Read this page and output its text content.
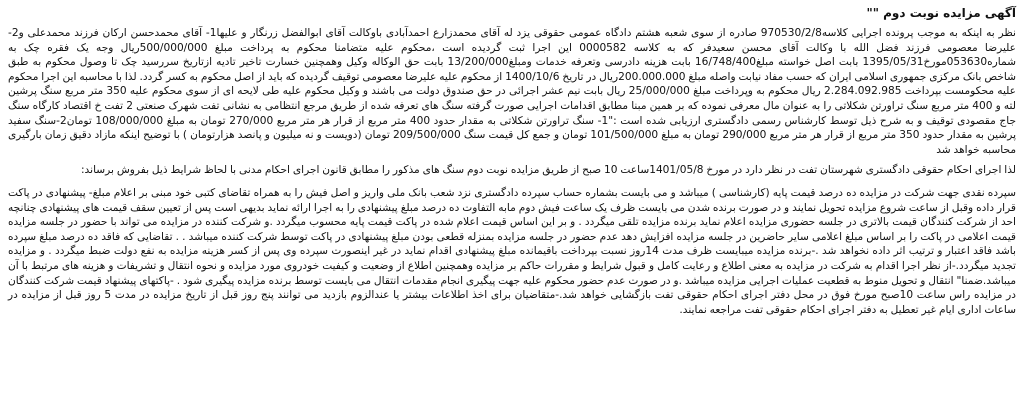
آگهی مزایده نوبت دوم ""

نظر به اینکه به موجب پرونده اجرایی کلاسه970530/2/8 صادره از سوی شعبه هشتم دادگاه عمومی حقوقی یزد له آقای محمدزارع احمدآبادی باوکالت آقای ابوالفضل زرنگار و علیها1- آقای محمدحسن ارکان فرزند محمدعلی و2- علیرضا معصومی فرزند فضل الله با وکالت آقای محسن سعیدفر که به کلاسه 0000582 این اجرا ثبت گردیده است ،محکوم علیه متضامنا محکوم به پرداخت مبلغ 500/000/000ریال وجه یک فقره چک به شماره053630مورخ1395/05/31 بابت اصل خواسته مبلغ16/748/400 بابت هزینه دادرسی وتعرفه خدمات ومبلغ13/200/000 بابت حق الوکاله وکیل وهمچنین خسارت تاخیر تادیه ازتاریخ سررسید چک تا وصول محکوم به طبق شاخص بانک مرکزی جمهوری اسلامی ایران که حسب مفاد نیابت واصله مبلغ 200.000.000ریال در تاریخ 1400/10/6 از محکوم علیه علیرضا معصومی توقیف گردیده که باید از اصل محکوم به کسر گردد. لذا با محاسبه این اجرا محکوم علیه محکومست بپرداخت 2.284.092.985 ریال محکوم به وپرداخت مبلغ 25/000/000 ریال بابت نیم عشر اجرائی در حق صندوق دولت می باشند و وکیل محکوم علیه طی لایحه ای از سوی محکوم علیه 350 متر مربع سنگ پرشین لته و 400 متر مربع سنگ تراورتن شکلاتی را به عنوان مال معرفی نموده که بر همین مبنا مطابق اقدامات اجرایی صورت گرفته سنگ های تعرفه شده از طریق مرجع انتظامی به نشانی تفت شهرک صنعتی 2 تفت خ اقتصاد کارگاه سنگ جاج مقصودی توقیف و به شرح ذیل توسط کارشناس رسمی دادگستری ارزیابی شده است :"1- سنگ تراورتن شکلاتی به مقدار حدود 400 متر مربع از قرار هر متر مربع 270/000 تومان به مبلغ 108/000/000 تومان2-سنگ سفید پرشین به مقدار حدود 350 متر مربع از قرار هر متر مربع 290/000 تومان به مبلغ 101/500/000 تومان و جمع کل قیمت سنگ 209/500/000 تومان (دویست و نه میلیون و پانصد هزارتومان ) با توضیح اینکه مازاد دقیق زمان بارگیری محاسبه خواهد شد

لذا اجرای احکام حقوقی دادگستری شهرستان تفت در نظر دارد در مورخ 1401/05/8ساعت 10 صبح از طریق مزایده نوبت دوم سنگ های مذکور را مطابق قانون اجرای احکام مدنی با لحاظ شرایط ذیل بفروش برساند:

سپرده نقدی جهت شرکت در مزایده ده درصد قیمت پایه (کارشناسی ) میباشد و می بایست بشماره حساب سپرده دادگستری نزد شعب بانک ملی واریز و اصل فیش را به همراه تقاضای کتبی خود مبنی بر اعلام مبلغ- پیشنهادی در پاکت قرار داده وقبل از ساعت شروع مزایده تحویل نمایند و در صورت برنده شدن می بایست ظرف یک ساعت فیش دوم مابه التفاوت ده درصد مبلغ پیشنهادی را به اجرا ارائه نماید بدیهی است پس از تعیین سقف قیمت های پیشنهادی چنانچه احد از شرکت کنندگان قیمت بالاتری در جلسه حضوری مزایده اعلام نماید برنده مزایده تلقی میگردد . و بر این اساس قیمت اعلام شده در پاکت قیمت پایه محسوب میگردد .و شرکت کننده در مزایده می تواند با حضور در جلسه مزایده قیمت اعلامی در پاکت را بر اساس مبلغ اعلامی سایر حاضرین در جلسه مزایده افزایش دهد عدم حضور در جلسه مزایده بمنزله قطعی بودن مبلغ پیشنهادی در پاکت توسط شرکت کننده میباشد . . تقاضایی که فاقد ده درصد مبلغ سپرده باشد فاقد اعتبار و ترتیب اثر داده نخواهد شد .-برنده مزایده میبایست ظرف مدت 14روز نسبت بپرداخت باقیمانده مبلغ پیشنهادی اقدام نماید در غیر اینصورت سپرده وی پس از کسر هزینه مزایده به نفع دولت ضبط میگردد . و مزایده تجدید میگردد.-از نظر اجرا اقدام به شرکت در مزایده به معنی اطلاع و رعایت کامل و قبول شرایط و مقررات حاکم بر مزایده وهمچنین اطلاع از وضعیت و کیفیت خودروی مورد مزایده و نحوه انتقال و تشریفات و هزینه های مرتبط با آن میباشد.ضمنا" انتقال و تحویل منوط به قطعیت عملیات اجرایی مزایده میباشد .و در صورت عدم حضور محکوم علیه جهت پیگیری انجام مقدمات انتقال می بایست توسط برنده مزایده پیگیری شود . -پاکتهای پیشنهاد قیمت شرکت کنندگان در مزایده راس ساعت 10صبح مورخ فوق در محل دفتر اجرای احکام حقوقی تفت بازگشایی خواهد شد.-متقاضیان برای اخذ اطلاعات بیشتر یا عندالزوم بازدید می توانند پنج روز قبل از تاریخ مزایده در مدت 5 روز قبل از مزایده در ساعات اداری ایام غیر تعطیل به دفتر اجرای احکام حقوقی تفت مراجعه نمایند.
